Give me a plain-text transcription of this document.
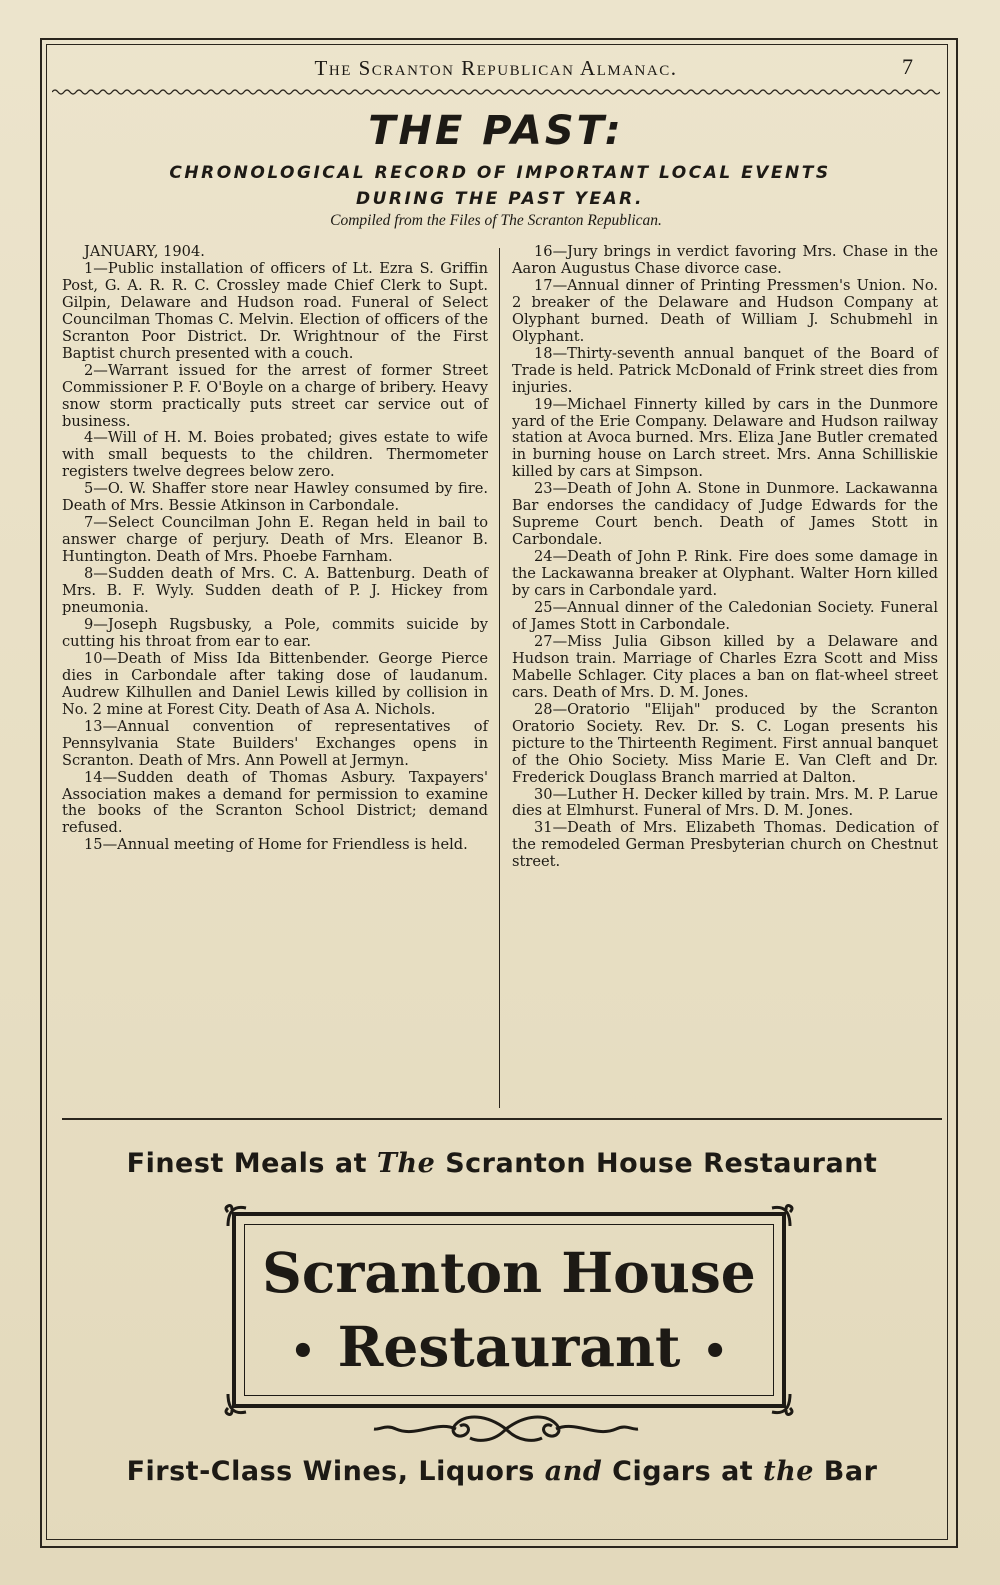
The Scranton Republican Almanac.	7
THE PAST:
CHRONOLOGICAL RECORD OF IMPORTANT LOCAL EVENTS
DURING THE PAST YEAR.
Compiled from the Files of The Scranton Republican.

JANUARY, 1904.

1—Public installation of officers of Lt. Ezra S. Griffin Post, G. A. R. R. C. Crossley made Chief Clerk to Supt. Gilpin, Delaware and Hudson road. Funeral of Select Councilman Thomas C. Melvin. Election of officers of the Scranton Poor District. Dr. Wrightnour of the First Baptist church presented with a couch.

2—Warrant issued for the arrest of former Street Commissioner P. F. O'Boyle on a charge of bribery. Heavy snow storm practically puts street car service out of business.

4—Will of H. M. Boies probated; gives estate to wife with small bequests to the children. Thermometer registers twelve degrees below zero.

5—O. W. Shaffer store near Hawley consumed by fire. Death of Mrs. Bessie Atkinson in Carbondale.

7—Select Councilman John E. Regan held in bail to answer charge of perjury. Death of Mrs. Eleanor B. Huntington. Death of Mrs. Phoebe Farnham.

8—Sudden death of Mrs. C. A. Battenburg. Death of Mrs. B. F. Wyly. Sudden death of P. J. Hickey from pneumonia.

9—Joseph Rugsbusky, a Pole, commits suicide by cutting his throat from ear to ear.

10—Death of Miss Ida Bittenbender. George Pierce dies in Carbondale after taking dose of laudanum. Audrew Kilhullen and Daniel Lewis killed by collision in No. 2 mine at Forest City. Death of Asa A. Nichols.

13—Annual convention of representatives of Pennsylvania State Builders' Exchanges opens in Scranton. Death of Mrs. Ann Powell at Jermyn.

14—Sudden death of Thomas Asbury. Taxpayers' Association makes a demand for permission to examine the books of the Scranton School District; demand refused.

15—Annual meeting of Home for Friendless is held.

16—Jury brings in verdict favoring Mrs. Chase in the Aaron Augustus Chase divorce case.

17—Annual dinner of Printing Pressmen's Union. No. 2 breaker of the Delaware and Hudson Company at Olyphant burned. Death of William J. Schubmehl in Olyphant.

18—Thirty-seventh annual banquet of the Board of Trade is held. Patrick McDonald of Frink street dies from injuries.

19—Michael Finnerty killed by cars in the Dunmore yard of the Erie Company. Delaware and Hudson railway station at Avoca burned. Mrs. Eliza Jane Butler cremated in burning house on Larch street. Mrs. Anna Schilliskie killed by cars at Simpson.

23—Death of John A. Stone in Dunmore. Lackawanna Bar endorses the candidacy of Judge Edwards for the Supreme Court bench. Death of James Stott in Carbondale.

24—Death of John P. Rink. Fire does some damage in the Lackawanna breaker at Olyphant. Walter Horn killed by cars in Carbondale yard.

25—Annual dinner of the Caledonian Society. Funeral of James Stott in Carbondale.

27—Miss Julia Gibson killed by a Delaware and Hudson train. Marriage of Charles Ezra Scott and Miss Mabelle Schlager. City places a ban on flat-wheel street cars. Death of Mrs. D. M. Jones.

28—Oratorio "Elijah" produced by the Scranton Oratorio Society. Rev. Dr. S. C. Logan presents his picture to the Thirteenth Regiment. First annual banquet of the Ohio Society. Miss Marie E. Van Cleft and Dr. Frederick Douglass Branch married at Dalton.

30—Luther H. Decker killed by train. Mrs. M. P. Larue dies at Elmhurst. Funeral of Mrs. D. M. Jones.

31—Death of Mrs. Elizabeth Thomas. Dedication of the remodeled German Presbyterian church on Chestnut street.

Finest Meals at The Scranton House Restaurant
Scranton House
• Restaurant •
First-Class Wines, Liquors and Cigars at the Bar
